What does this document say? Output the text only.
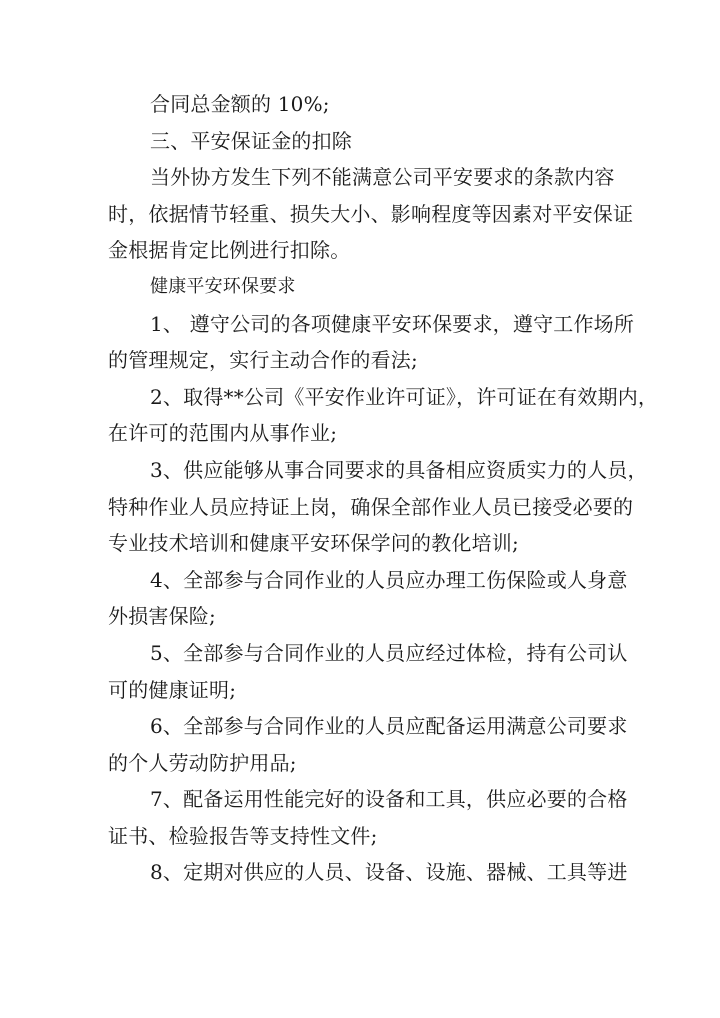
合同总金额的 10%;
三、平安保证金的扣除
当外协方发生下列不能满意公司平安要求的条款内容
时，依据情节轻重、损失大小、影响程度等因素对平安保证
金根据肯定比例进行扣除。
健康平安环保要求
1、 遵守公司的各项健康平安环保要求，遵守工作场所
的管理规定，实行主动合作的看法;
2、取得**公司《平安作业许可证》，许可证在有效期内，
在许可的范围内从事作业;
3、供应能够从事合同要求的具备相应资质实力的人员，
特种作业人员应持证上岗，确保全部作业人员已接受必要的
专业技术培训和健康平安环保学问的教化培训;
4、全部参与合同作业的人员应办理工伤保险或人身意
外损害保险;
5、全部参与合同作业的人员应经过体检，持有公司认
可的健康证明;
6、全部参与合同作业的人员应配备运用满意公司要求
的个人劳动防护用品;
7、配备运用性能完好的设备和工具，供应必要的合格
证书、检验报告等支持性文件;
8、定期对供应的人员、设备、设施、器械、工具等进
